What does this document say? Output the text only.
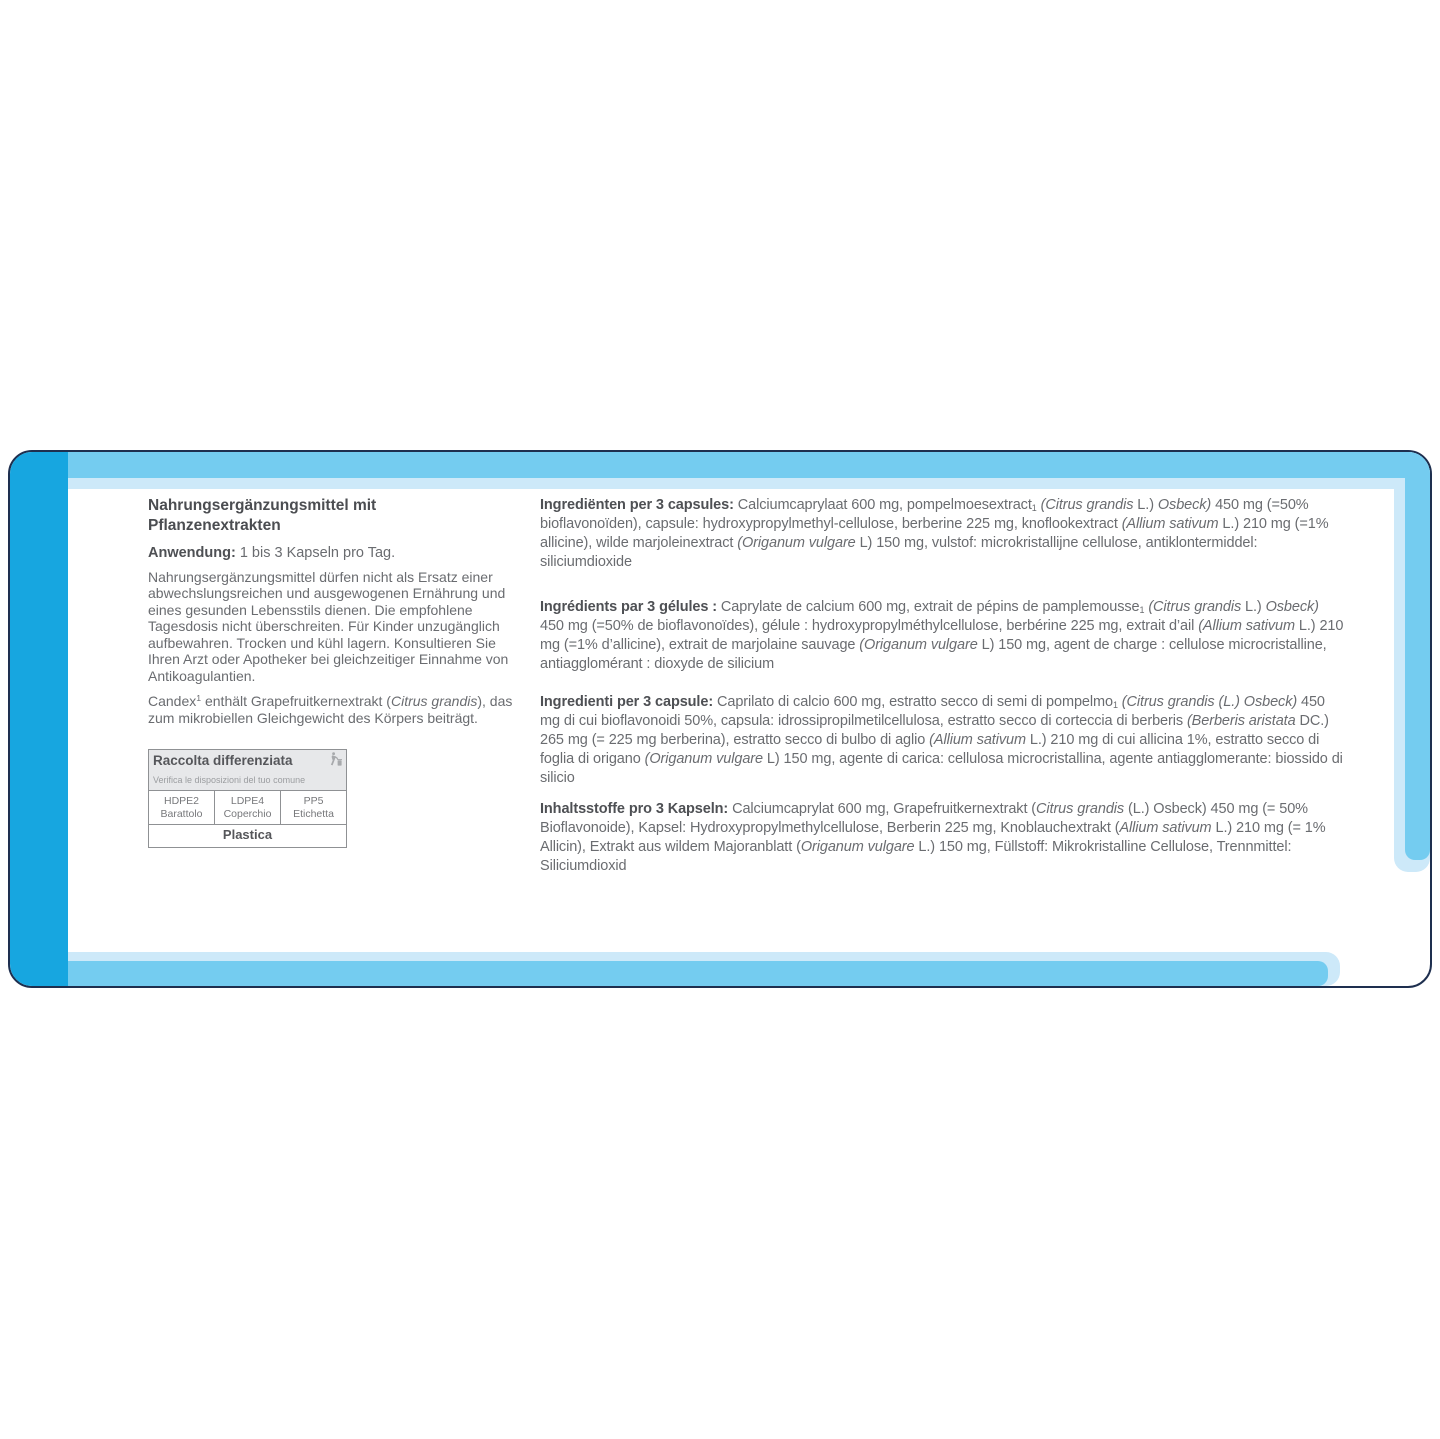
Nahrungsergänzungsmittel mit Pflanzenextrakten
Anwendung: 1 bis 3 Kapseln pro Tag.
Nahrungsergänzungsmittel dürfen nicht als Ersatz einer abwechslungsreichen und ausgewogenen Ernährung und eines gesunden Lebensstils dienen. Die empfohlene Tagesdosis nicht überschreiten. Für Kinder unzugänglich aufbewahren. Trocken und kühl lagern. Konsultieren Sie Ihren Arzt oder Apotheker bei gleichzeitiger Einnahme von Antikoagulantien.
Candex$^1$ enthält Grapefruitkernextrakt (Citrus grandis), das zum mikrobiellen Gleichgewicht des Körpers beiträgt.
Raccolta differenziata
Verifica le disposizioni del tuo comune
HDPE2
Barattolo
LDPE4
Coperchio
PP5
Etichetta
Plastica
Ingrediënten per 3 capsules: Calciumcaprylaat 600 mg, pompelmoesextract$_1$ (Citrus grandis L.) Osbeck) 450 mg (=50% bioflavonoïden), capsule: hydroxypropylmethyl-cellulose, berberine 225 mg, knoflookextract (Allium sativum L.) 210 mg (=1% allicine), wilde marjoleinextract (Origanum vulgare L) 150 mg, vulstof: microkristallijne cellulose, antiklontermiddel: siliciumdioxide
Ingrédients par 3 gélules : Caprylate de calcium 600 mg, extrait de pépins de pamplemousse$_1$ (Citrus grandis L.) Osbeck) 450 mg (=50% de bioflavonoïdes), gélule : hydroxypropylméthylcellulose, berbérine 225 mg, extrait d’ail (Allium sativum L.) 210 mg (=1% d’allicine), extrait de marjolaine sauvage (Origanum vulgare L) 150 mg, agent de charge : cellulose microcristalline, antiagglomérant : dioxyde de silicium
Ingredienti per 3 capsule: Caprilato di calcio 600 mg, estratto secco di semi di pompelmo$_1$ (Citrus grandis (L.) Osbeck) 450 mg di cui bioflavonoidi 50%, capsula: idrossipropilmetilcellulosa, estratto secco di corteccia di berberis (Berberis aristata DC.) 265 mg (= 225 mg berberina), estratto secco di bulbo di aglio (Allium sativum L.) 210 mg di cui allicina 1%, estratto secco di foglia di origano (Origanum vulgare L) 150 mg, agente di carica: cellulosa microcristallina, agente antiagglomerante: biossido di silicio
Inhaltsstoffe pro 3 Kapseln: Calciumcaprylat 600 mg, Grapefruitkernextrakt (Citrus grandis (L.) Osbeck) 450 mg (= 50% Bioflavonoide), Kapsel: Hydroxypropylmethylcellulose, Berberin 225 mg, Knoblauchextrakt (Allium sativum L.) 210 mg (= 1% Allicin), Extrakt aus wildem Majoranblatt (Origanum vulgare L.) 150 mg, Füllstoff: Mikrokristalline Cellulose, Trennmittel: Siliciumdioxid
